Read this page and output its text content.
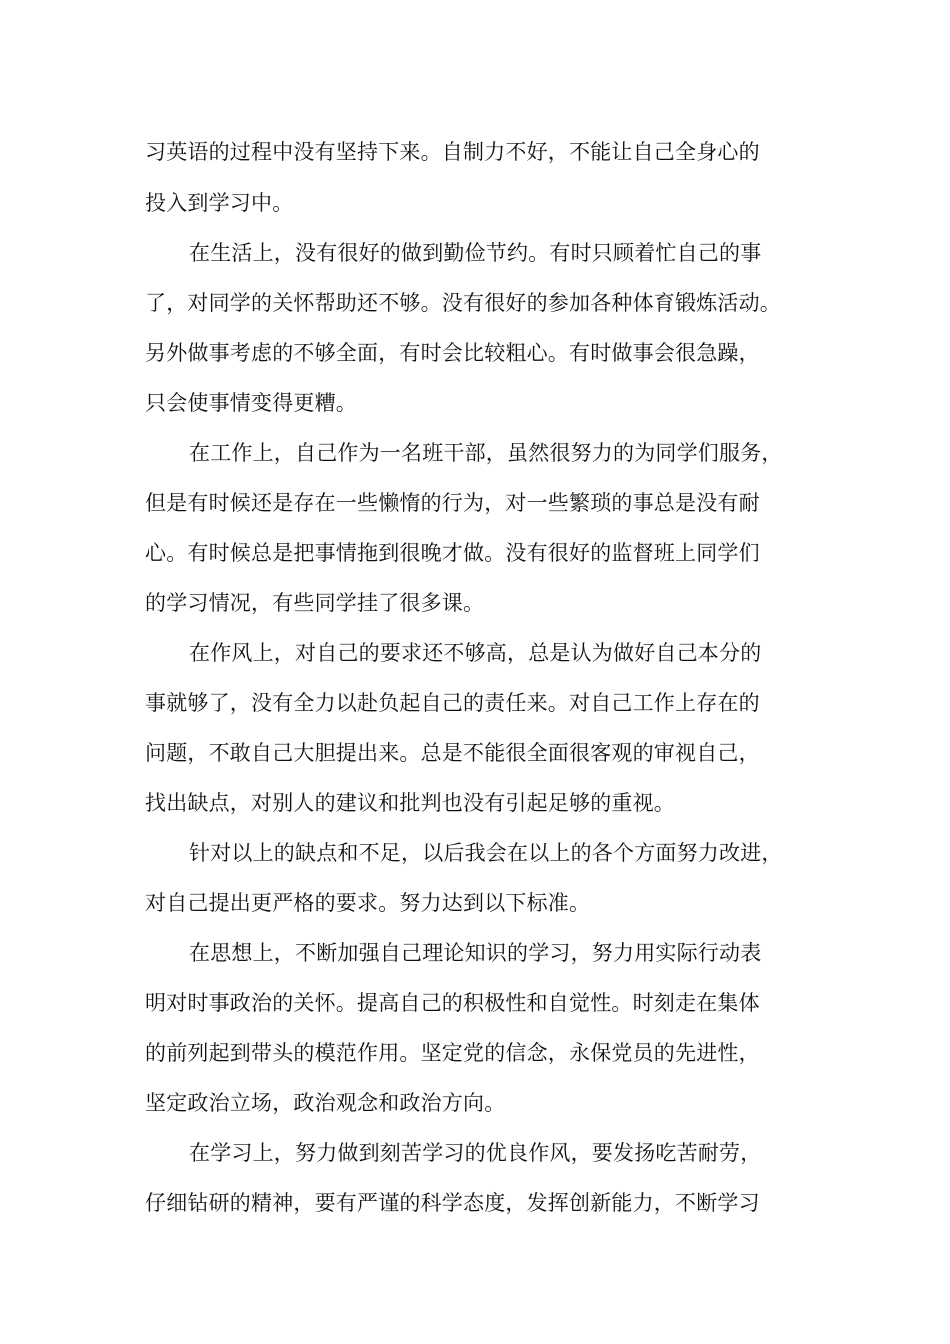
习英语的过程中没有坚持下来。自制力不好，不能让自己全身心的
投入到学习中。
在生活上，没有很好的做到勤俭节约。有时只顾着忙自己的事
了，对同学的关怀帮助还不够。没有很好的参加各种体育锻炼活动。
另外做事考虑的不够全面，有时会比较粗心。有时做事会很急躁，
只会使事情变得更糟。
在工作上，自己作为一名班干部，虽然很努力的为同学们服务，
但是有时候还是存在一些懒惰的行为，对一些繁琐的事总是没有耐
心。有时候总是把事情拖到很晚才做。没有很好的监督班上同学们
的学习情况，有些同学挂了很多课。
在作风上，对自己的要求还不够高，总是认为做好自己本分的
事就够了，没有全力以赴负起自己的责任来。对自己工作上存在的
问题，不敢自己大胆提出来。总是不能很全面很客观的审视自己，
找出缺点，对别人的建议和批判也没有引起足够的重视。
针对以上的缺点和不足，以后我会在以上的各个方面努力改进，
对自己提出更严格的要求。努力达到以下标准。
在思想上，不断加强自己理论知识的学习，努力用实际行动表
明对时事政治的关怀。提高自己的积极性和自觉性。时刻走在集体
的前列起到带头的模范作用。坚定党的信念，永保党员的先进性，
坚定政治立场，政治观念和政治方向。
在学习上，努力做到刻苦学习的优良作风，要发扬吃苦耐劳，
仔细钻研的精神，要有严谨的科学态度，发挥创新能力，不断学习
